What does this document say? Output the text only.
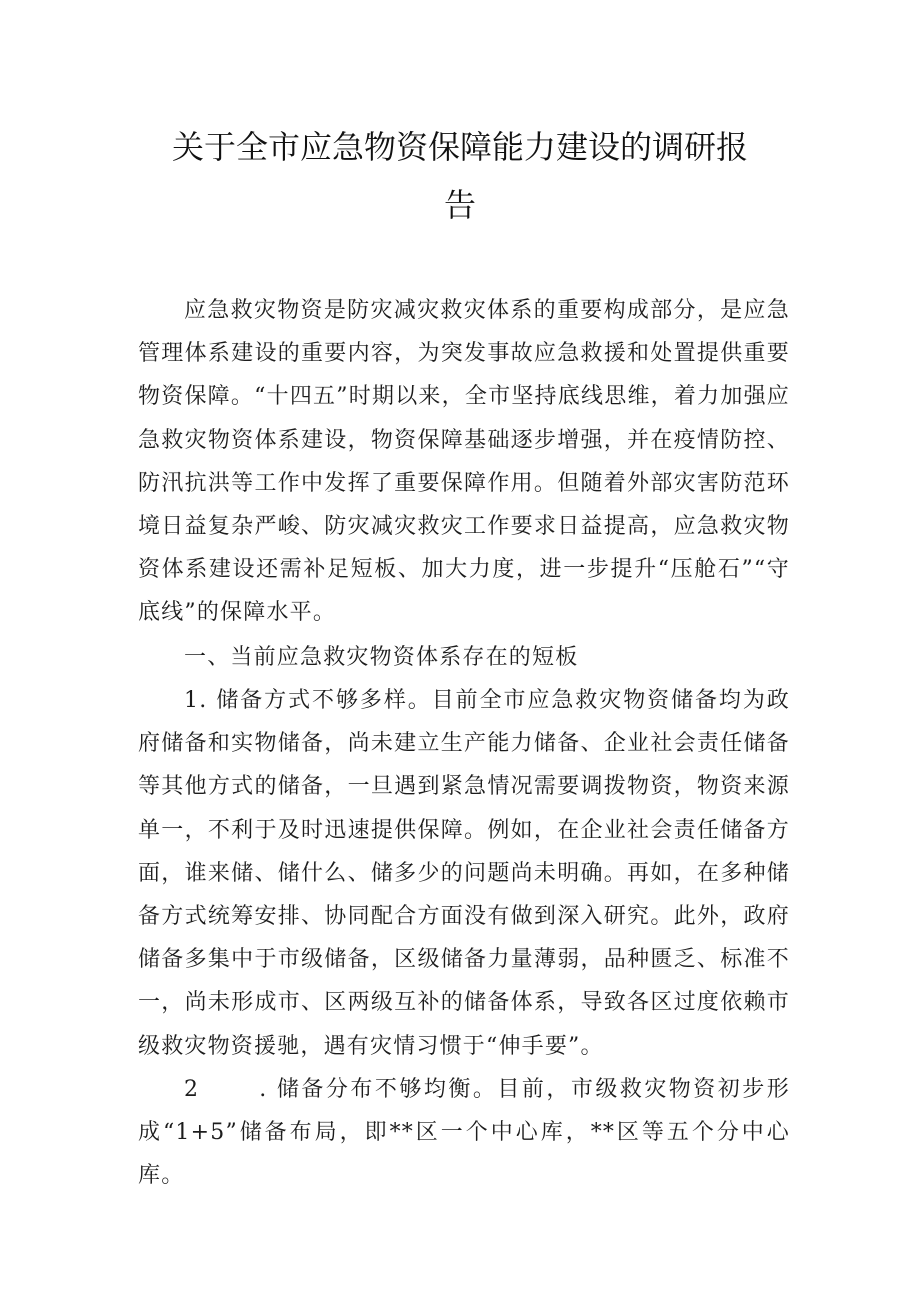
关于全市应急物资保障能力建设的调研报
告
应急救灾物资是防灾减灾救灾体系的重要构成部分，是应急管理体系建设的重要内容，为突发事故应急救援和处置提供重要物资保障。“十四五”时期以来，全市坚持底线思维，着力加强应急救灾物资体系建设，物资保障基础逐步增强，并在疫情防控、防汛抗洪等工作中发挥了重要保障作用。但随着外部灾害防范环境日益复杂严峻、防灾减灾救灾工作要求日益提高，应急救灾物资体系建设还需补足短板、加大力度，进一步提升“压舱石”“守底线”的保障水平。
一、当前应急救灾物资体系存在的短板
1. 储备方式不够多样。目前全市应急救灾物资储备均为政府储备和实物储备，尚未建立生产能力储备、企业社会责任储备等其他方式的储备，一旦遇到紧急情况需要调拨物资，物资来源单一，不利于及时迅速提供保障。例如，在企业社会责任储备方面，谁来储、储什么、储多少的问题尚未明确。再如，在多种储备方式统筹安排、协同配合方面没有做到深入研究。此外，政府储备多集中于市级储备，区级储备力量薄弱，品种匮乏、标准不一，尚未形成市、区两级互补的储备体系，导致各区过度依赖市级救灾物资援驰，遇有灾情习惯于“伸手要”。
2	. 储备分布不够均衡。目前，市级救灾物资初步形成“1+5”储备布局，即**区一个中心库，**区等五个分中心库。
